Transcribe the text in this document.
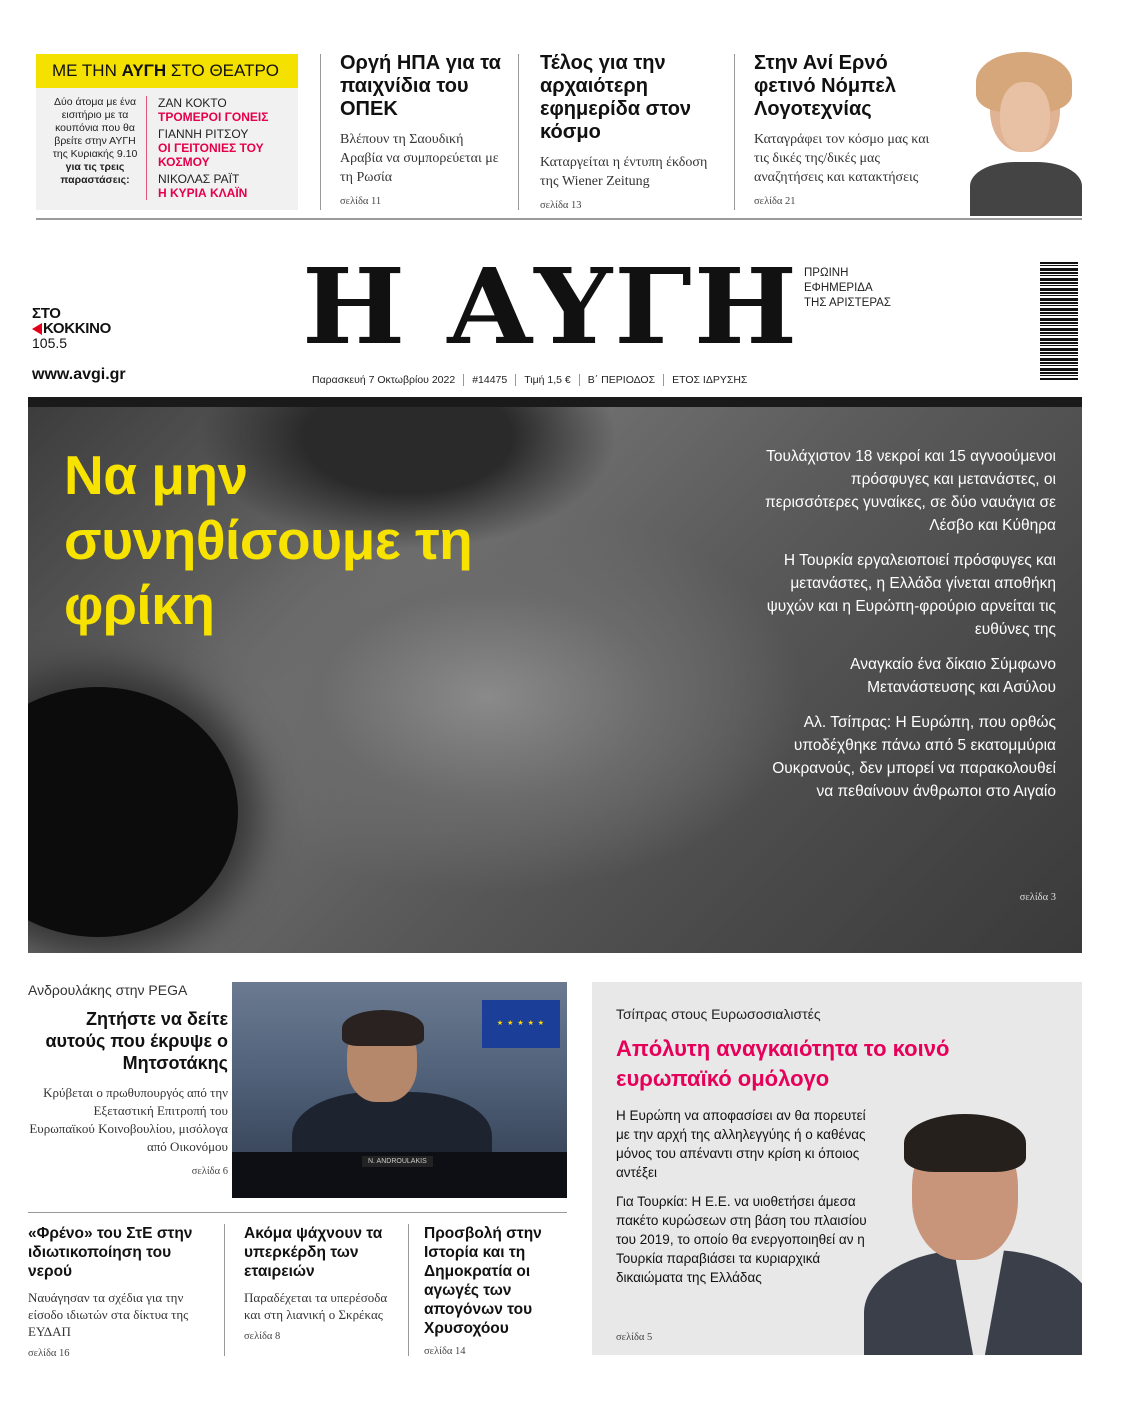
ΜΕ ΤΗΝ ΑΥΓΗ ΣΤΟ ΘΕΑΤΡΟ
Δύο άτομα με ένα εισιτήριο με τα κουπόνια που θα βρείτε στην ΑΥΓΗ της Κυριακής 9.10
για τις τρεις παραστάσεις:
ΖΑΝ ΚΟΚΤΟ
ΤΡΟΜΕΡΟΙ ΓΟΝΕΙΣ
ΓΙΑΝΝΗ ΡΙΤΣΟΥ
ΟΙ ΓΕΙΤΟΝΙΕΣ ΤΟΥ ΚΟΣΜΟΥ
ΝΙΚΟΛΑΣ ΡΑΪΤ
Η ΚΥΡΙΑ ΚΛΑΪΝ
Οργή ΗΠΑ για τα παιχνίδια του ΟΠΕΚ
Βλέπουν τη Σαουδική Αραβία να συμπορεύεται με τη Ρωσία
σελίδα 11
Τέλος για την αρχαιότερη εφημερίδα στον κόσμο
Καταργείται η έντυπη έκδοση της Wiener Zeitung
σελίδα 13
Στην Ανί Ερνό φετινό Νόμπελ Λογοτεχνίας
Καταγράφει τον κόσμο μας και τις δικές της/δικές μας αναζητήσεις και κατακτήσεις
σελίδα 21
ΣΤΟ
ΚΟΚΚΙΝΟ
105.5
www.avgi.gr
Η ΑΥΓΗ ΠΡΩΙΝΗ
ΕΦΗΜΕΡΙΔΑ
ΤΗΣ ΑΡΙΣΤΕΡΑΣ
Παρασκευή 7 Οκτωβρίου 2022	#14475	Τιμή 1,5 €	Β΄ ΠΕΡΙΟΔΟΣ	ΕΤΟΣ ΙΔΡΥΣΗΣ
Να μην συνηθίσουμε τη φρίκη

Τουλάχιστον 18 νεκροί και 15 αγνοούμενοι πρόσφυγες και μετανάστες, οι περισσότερες γυναίκες, σε δύο ναυάγια σε Λέσβο και Κύθηρα

Η Τουρκία εργαλειοποιεί πρόσφυγες και μετανάστες, η Ελλάδα γίνεται αποθήκη ψυχών και η Ευρώπη-φρούριο αρνείται τις ευθύνες της

Αναγκαίο ένα δίκαιο Σύμφωνο Μετανάστευσης και Ασύλου

Αλ. Τσίπρας: Η Ευρώπη, που ορθώς υποδέχθηκε πάνω από 5 εκατομμύρια Ουκρανούς, δεν μπορεί να παρακολουθεί να πεθαίνουν άνθρωποι στο Αιγαίο

σελίδα 3
Ανδρουλάκης στην PEGA
Ζητήστε να δείτε αυτούς που έκρυψε ο Μητσοτάκης
Κρύβεται ο πρωθυπουργός από την Εξεταστική Επιτροπή του Ευρωπαϊκού Κοινοβουλίου, μισόλογα από Οικονόμου
σελίδα 6
★ ★ ★ ★ ★
N. ANDROULAKIS
«Φρένο» του ΣτΕ στην ιδιωτικοποίηση του νερού
Ναυάγησαν τα σχέδια για την είσοδο ιδιωτών στα δίκτυα της ΕΥΔΑΠ
σελίδα 16
Ακόμα ψάχνουν τα υπερκέρδη των εταιρειών
Παραδέχεται τα υπερέσοδα και στη λιανική ο Σκρέκας
σελίδα 8
Προσβολή στην Ιστορία και τη Δημοκρατία οι αγωγές των απογόνων του Χρυσοχόου
σελίδα 14
Τσίπρας στους Ευρωσοσιαλιστές
Απόλυτη αναγκαιότητα το κοινό ευρωπαϊκό ομόλογο

Η Ευρώπη να αποφασίσει αν θα πορευτεί με την αρχή της αλληλεγγύης ή ο καθένας μόνος του απέναντι στην κρίση κι όποιος αντέξει

Για Τουρκία: Η Ε.Ε. να υιοθετήσει άμεσα πακέτο κυρώσεων στη βάση του πλαισίου του 2019, το οποίο θα ενεργοποιηθεί αν η Τουρκία παραβιάσει τα κυριαρχικά δικαιώματα της Ελλάδας

σελίδα 5
